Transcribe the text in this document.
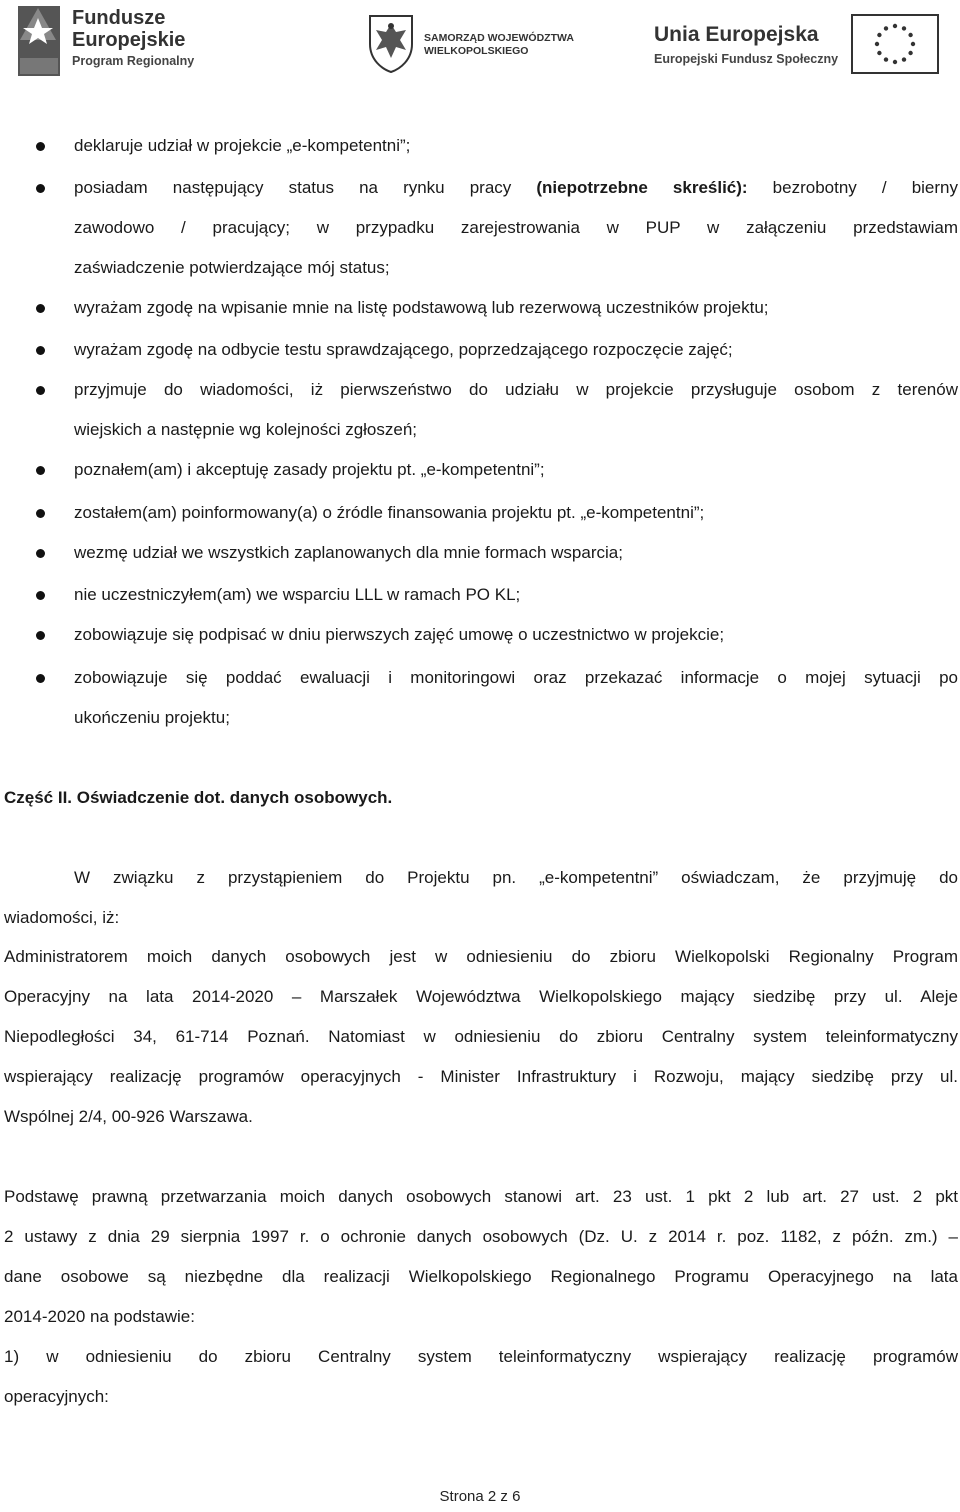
Fundusze
Europejskie
Program Regionalny
SAMORZĄD WOJEWÓDZTWA
WIELKOPOLSKIEGO
Unia Europejska
Europejski Fundusz Społeczny
deklaruje udział w projekcie „e-kompetentni”;
posiadam następujący status na rynku pracy (niepotrzebne skreślić): bezrobotny / bierny
zawodowo / pracujący; w przypadku zarejestrowania w PUP w załączeniu przedstawiam
zaświadczenie potwierdzające mój status;
wyrażam zgodę na wpisanie mnie na listę podstawową lub rezerwową uczestników projektu;
wyrażam zgodę na odbycie testu sprawdzającego, poprzedzającego rozpoczęcie zajęć;
przyjmuje do wiadomości, iż pierwszeństwo do udziału w projekcie przysługuje osobom z terenów
wiejskich a następnie wg kolejności zgłoszeń;
poznałem(am) i akceptuję zasady projektu pt. „e-kompetentni”;
zostałem(am) poinformowany(a) o źródle finansowania projektu pt. „e-kompetentni”;
wezmę udział we wszystkich zaplanowanych dla mnie formach wsparcia;
nie uczestniczyłem(am) we wsparciu LLL w ramach PO KL;
zobowiązuje się podpisać w dniu pierwszych zajęć umowę o uczestnictwo w projekcie;
zobowiązuje się poddać ewaluacji i monitoringowi oraz przekazać informacje o mojej sytuacji po
ukończeniu projektu;
Część II. Oświadczenie dot. danych osobowych.
W związku z przystąpieniem do Projektu pn. „e-kompetentni” oświadczam, że przyjmuję do
wiadomości, iż:
Administratorem moich danych osobowych jest w odniesieniu do zbioru Wielkopolski Regionalny Program
Operacyjny na lata 2014-2020 – Marszałek Województwa Wielkopolskiego mający siedzibę przy ul. Aleje
Niepodległości 34, 61-714 Poznań. Natomiast w odniesieniu do zbioru Centralny system teleinformatyczny
wspierający realizację programów operacyjnych - Minister Infrastruktury i Rozwoju, mający siedzibę przy ul.
Wspólnej 2/4, 00-926 Warszawa.
Podstawę prawną przetwarzania moich danych osobowych stanowi art. 23 ust. 1 pkt 2 lub art. 27 ust. 2 pkt
2 ustawy z dnia 29 sierpnia 1997 r. o ochronie danych osobowych (Dz. U. z 2014 r. poz. 1182, z późn. zm.) –
dane osobowe są niezbędne dla realizacji Wielkopolskiego Regionalnego Programu Operacyjnego na lata
2014-2020 na podstawie:
1) w odniesieniu do zbioru Centralny system teleinformatyczny wspierający realizację programów
operacyjnych:
Strona 2 z 6
